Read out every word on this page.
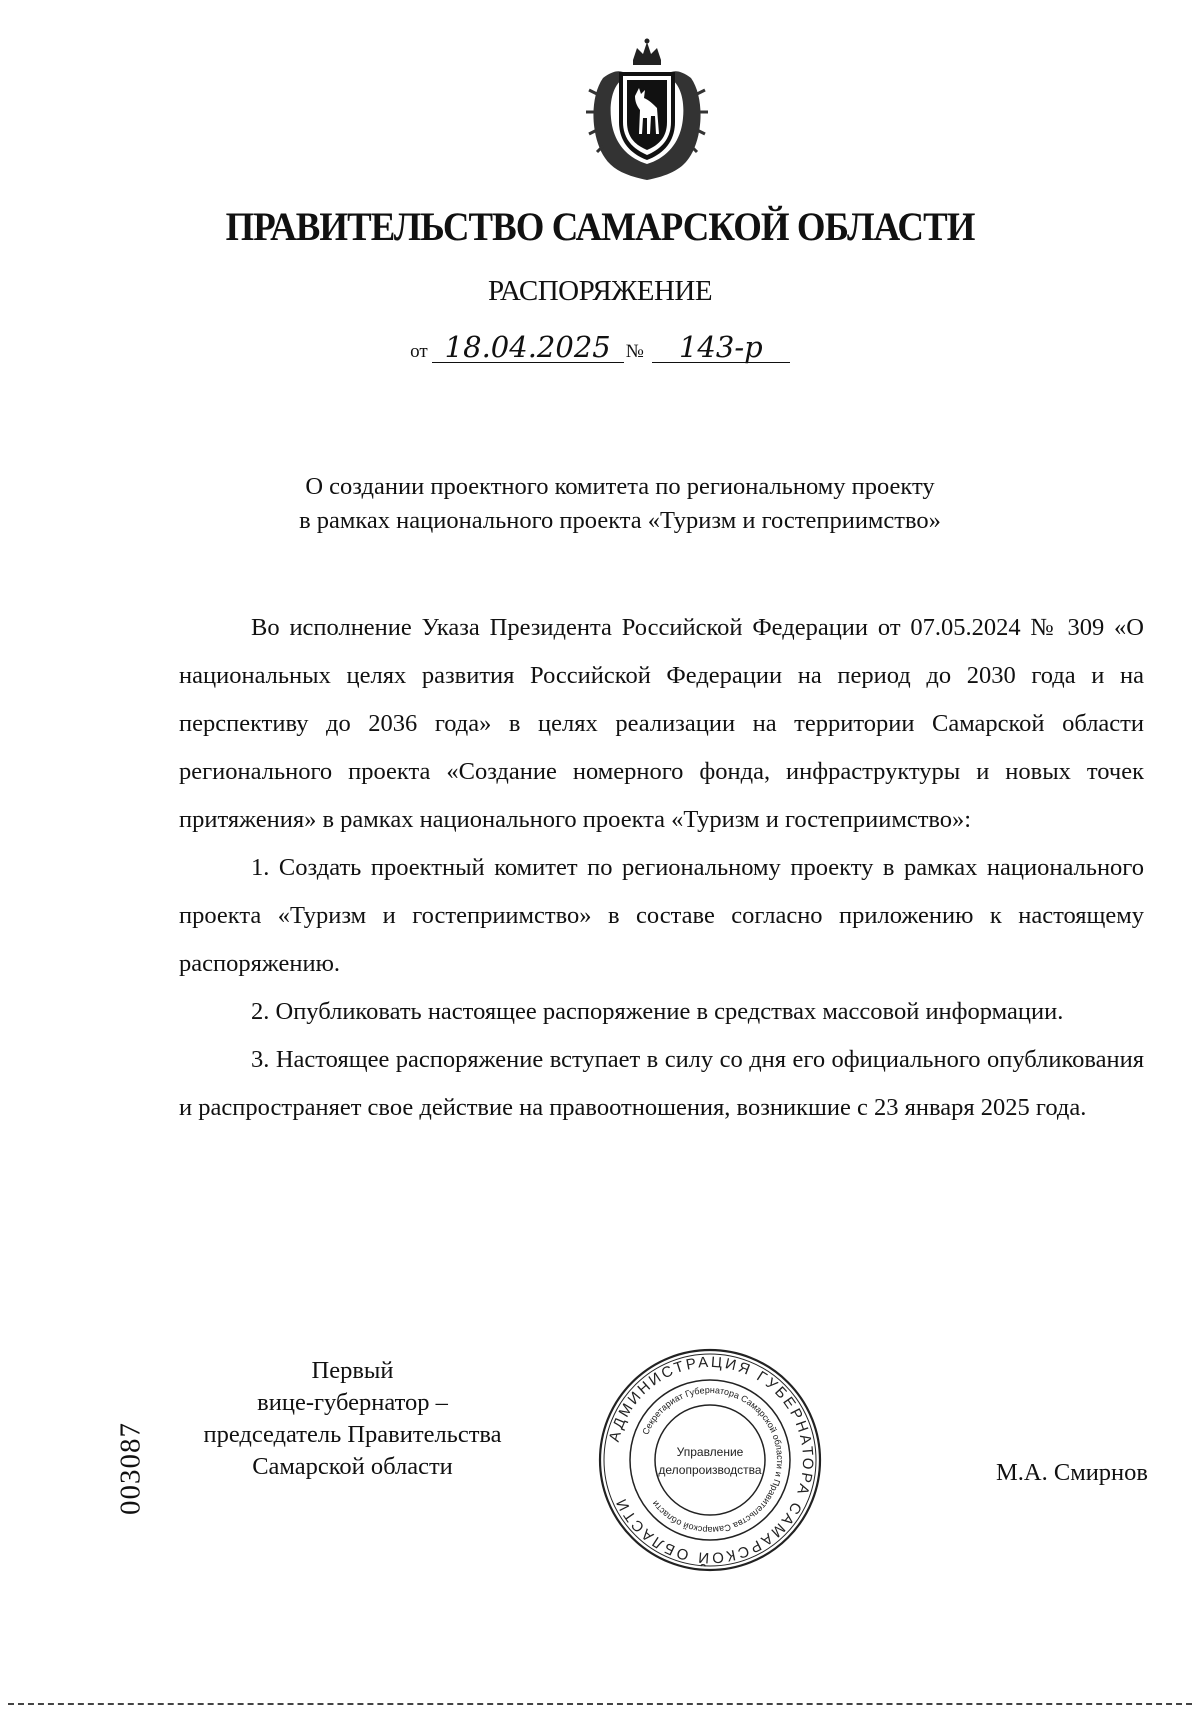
ПРАВИТЕЛЬСТВО САМАРСКОЙ ОБЛАСТИ
РАСПОРЯЖЕНИЕ
от 18.04.2025 №	143-р
О создании проектного комитета по региональному проекту
в рамках национального проекта «Туризм и гостеприимство»

Во исполнение Указа Президента Российской Федерации от 07.05.2024 № 309 «О национальных целях развития Российской Федерации на период до 2030 года и на перспективу до 2036 года» в целях реализации на территории Самарской области регионального проекта «Создание номерного фонда, инфраструктуры и новых точек притяжения» в рамках национального проекта «Туризм и гостеприимство»:

1. Создать проектный комитет по региональному проекту в рамках национального проекта «Туризм и гостеприимство» в составе согласно приложению к настоящему распоряжению.

2. Опубликовать настоящее распоряжение в средствах массовой информации.

3. Настоящее распоряжение вступает в силу со дня его официального опубликования и распространяет свое действие на правоотношения, возникшие с 23 января 2025 года.

Первый
вице-губернатор –
председатель Правительства
Самарской области
АДМИНИСТРАЦИЯ ГУБЕРНАТОРА САМАРСКОЙ ОБЛАСТИ
Секретариат Губернатора Самарской области и Правительства Самарской области
Управление
делопроизводства	М.А. Смирнов
003087
